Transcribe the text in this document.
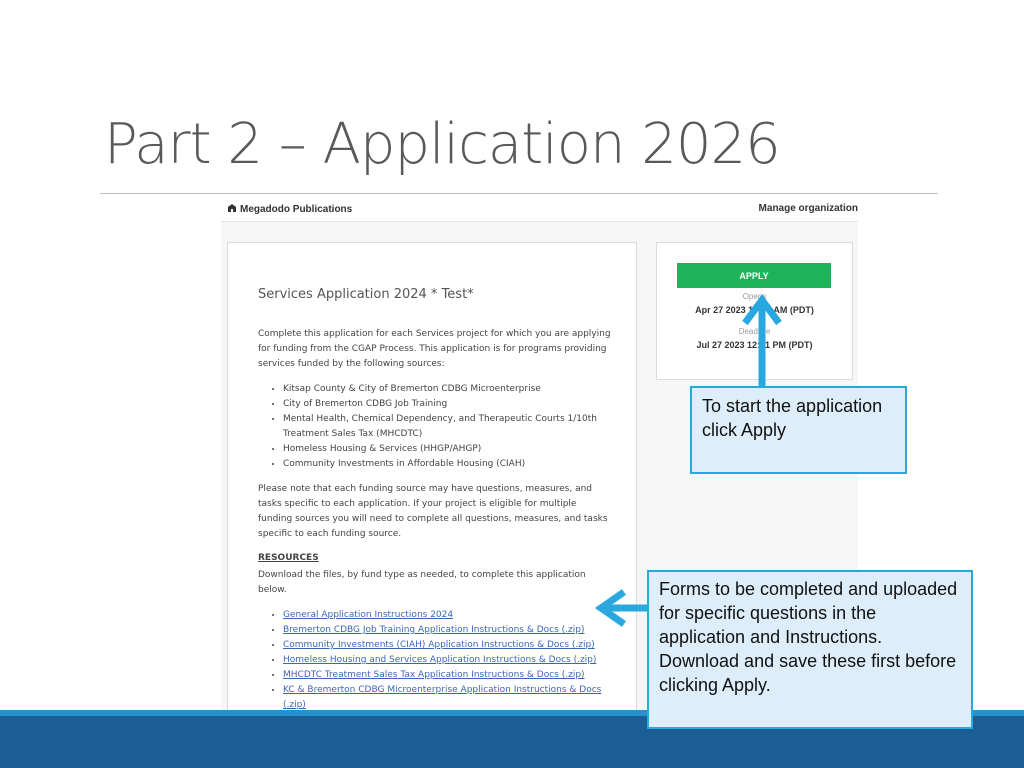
Part 2 – Application 2026
Megadodo Publications	Manage organization
Services Application 2024 * Test*
Complete this application for each Services project for which you are applying for funding from the CGAP Process. This application is for programs providing services funded by the following sources:
• Kitsap County & City of Bremerton CDBG Microenterprise
• City of Bremerton CDBG Job Training
• Mental Health, Chemical Dependency, and Therapeutic Courts 1/10th Treatment Sales Tax (MHCDTC)
• Homeless Housing & Services (HHGP/AHGP)
• Community Investments in Affordable Housing (CIAH)
Please note that each funding source may have questions, measures, and tasks specific to each application. If your project is eligible for multiple funding sources you will need to complete all questions, measures, and tasks specific to each funding source.
RESOURCES
Download the files, by fund type as needed, to complete this application below.
• General Application Instructions 2024
• Bremerton CDBG Job Training Application Instructions & Docs (.zip)
• Community Investments (CIAH) Application Instructions & Docs (.zip)
• Homeless Housing and Services Application Instructions & Docs (.zip)
• MHCDTC Treatment Sales Tax Application Instructions & Docs (.zip)
• KC & Bremerton CDBG Microenterprise Application Instructions & Docs (.zip)
APPLY
Opens
Apr 27 2023 10:00 AM (PDT)
Deadline
Jul 27 2023 12:01 PM (PDT)
To start the application click Apply
Forms to be completed and uploaded for specific questions in the application and Instructions. Download and save these first before clicking Apply.
